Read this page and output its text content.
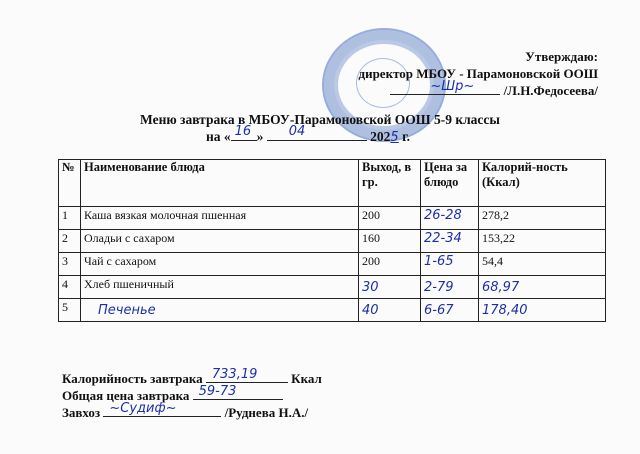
Утверждаю:
директор МБОУ - Парамоновской ООШ
~Шр~ /Л.Н.Федосеева/
Меню завтрака в МБОУ-Парамоновской ООШ 5-9 классы
на « 16 » 04	2025 г.
№	Наименование блюда	Выход, в гр.	Цена за блюдо	Калорий-ность (Ккал)
1	Каша вязкая молочная пшенная	200	26-28	278,2
2	Оладьи с сахаром	160	22-34	153,22
3	Чай с сахаром	200	1-65	54,4
4	Хлеб пшеничный	30	2-79	68,97
5	Печенье	40	6-67	178,40
Калорийность завтрака 733,19	Ккал
Общая цена завтрака 59-73
Завхоз ~Судиф~	/Руднева Н.А./
